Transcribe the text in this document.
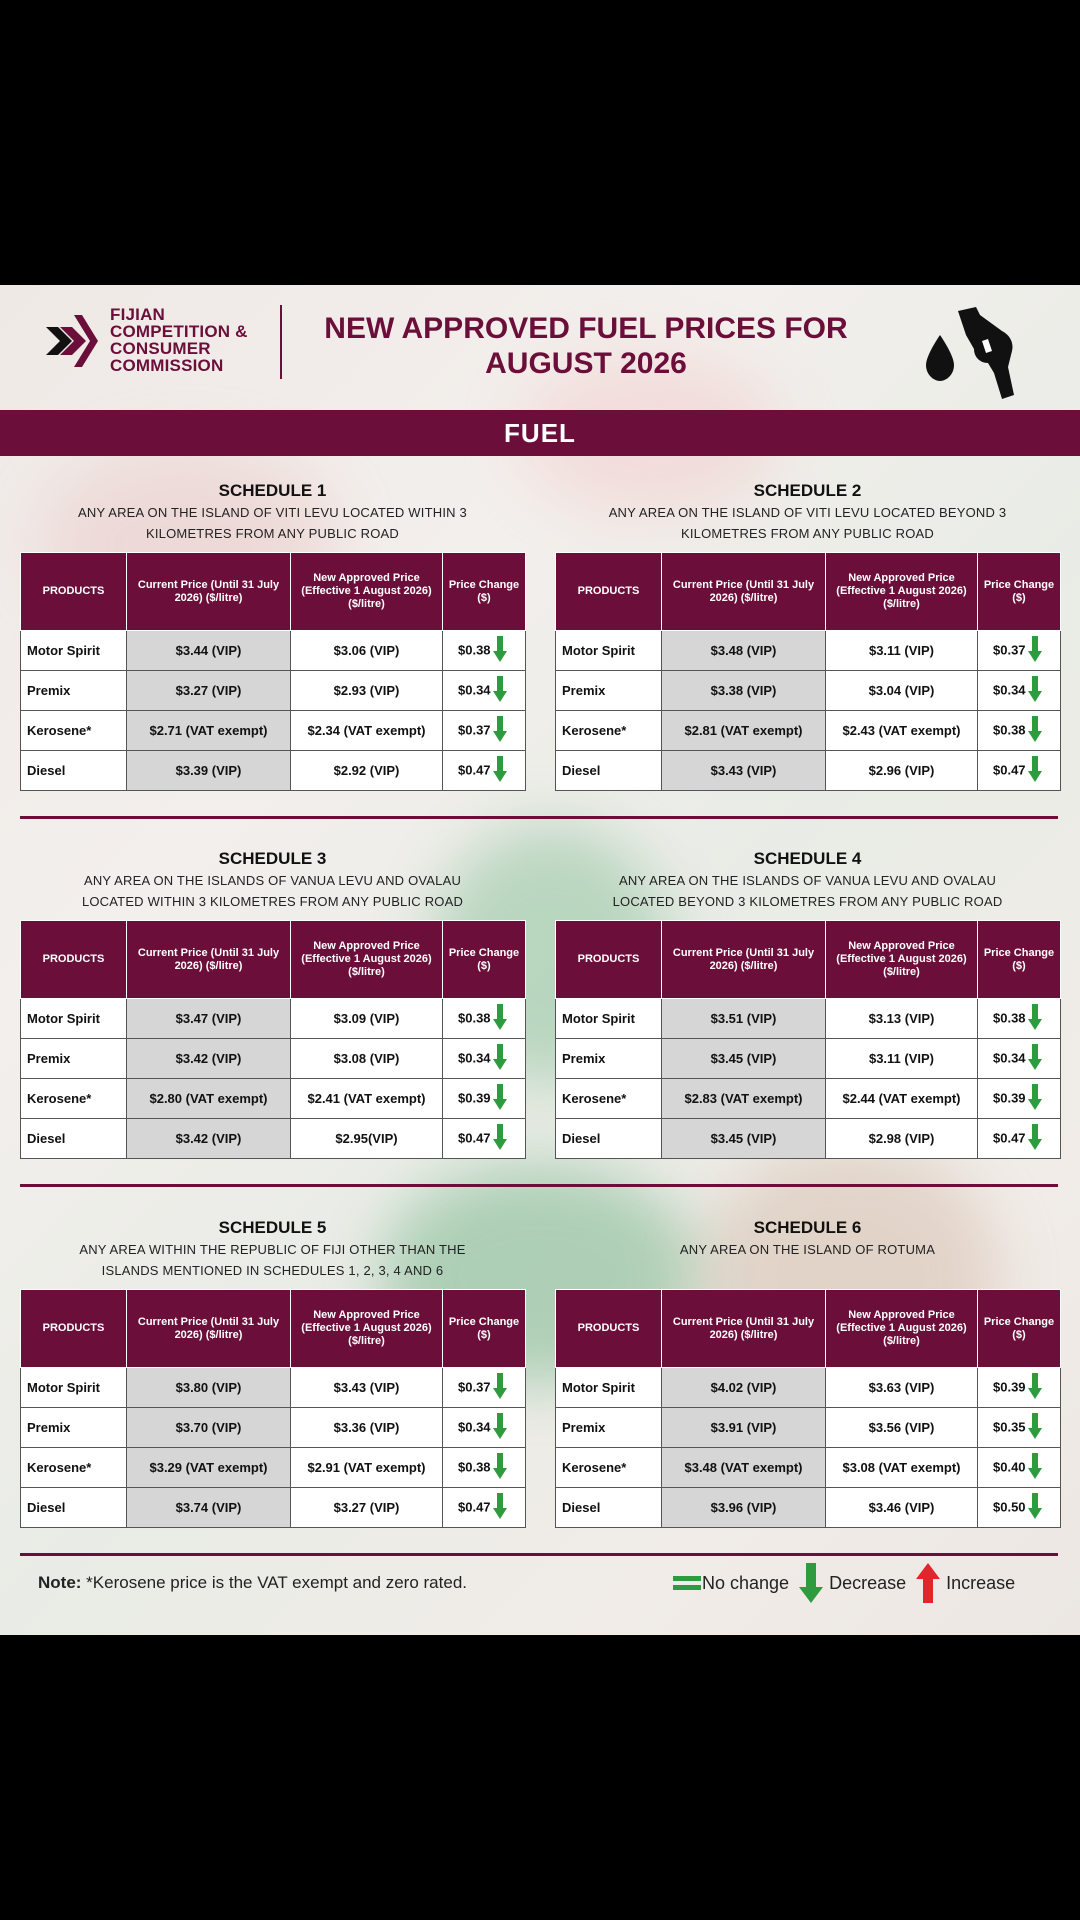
FIJIAN
COMPETITION &
CONSUMER
COMMISSION
NEW APPROVED FUEL PRICES FOR
AUGUST 2026
FUEL
SCHEDULE 1
ANY AREA ON THE ISLAND OF VITI LEVU LOCATED WITHIN 3
KILOMETRES FROM ANY PUBLIC ROAD
PRODUCTS	Current Price (Until 31 July 2026) ($/litre)	New Approved Price (Effective 1 August 2026) ($/litre)	Price Change ($)
Motor Spirit	$3.44 (VIP)	$3.06 (VIP)	$0.38
Premix	$3.27 (VIP)	$2.93 (VIP)	$0.34
Kerosene*	$2.71 (VAT exempt)	$2.34 (VAT exempt)	$0.37
Diesel	$3.39 (VIP)	$2.92 (VIP)	$0.47
SCHEDULE 2
ANY AREA ON THE ISLAND OF VITI LEVU LOCATED BEYOND 3
KILOMETRES FROM ANY PUBLIC ROAD
PRODUCTS	Current Price (Until 31 July 2026) ($/litre)	New Approved Price (Effective 1 August 2026) ($/litre)	Price Change ($)
Motor Spirit	$3.48 (VIP)	$3.11 (VIP)	$0.37
Premix	$3.38 (VIP)	$3.04 (VIP)	$0.34
Kerosene*	$2.81 (VAT exempt)	$2.43 (VAT exempt)	$0.38
Diesel	$3.43 (VIP)	$2.96 (VIP)	$0.47
SCHEDULE 3
ANY AREA ON THE ISLANDS OF VANUA LEVU AND OVALAU
LOCATED WITHIN 3 KILOMETRES FROM ANY PUBLIC ROAD
PRODUCTS	Current Price (Until 31 July 2026) ($/litre)	New Approved Price (Effective 1 August 2026) ($/litre)	Price Change ($)
Motor Spirit	$3.47 (VIP)	$3.09 (VIP)	$0.38
Premix	$3.42 (VIP)	$3.08 (VIP)	$0.34
Kerosene*	$2.80 (VAT exempt)	$2.41 (VAT exempt)	$0.39
Diesel	$3.42 (VIP)	$2.95(VIP)	$0.47
SCHEDULE 4
ANY AREA ON THE ISLANDS OF VANUA LEVU AND OVALAU
LOCATED BEYOND 3 KILOMETRES FROM ANY PUBLIC ROAD
PRODUCTS	Current Price (Until 31 July 2026) ($/litre)	New Approved Price (Effective 1 August 2026) ($/litre)	Price Change ($)
Motor Spirit	$3.51 (VIP)	$3.13 (VIP)	$0.38
Premix	$3.45 (VIP)	$3.11 (VIP)	$0.34
Kerosene*	$2.83 (VAT exempt)	$2.44 (VAT exempt)	$0.39
Diesel	$3.45 (VIP)	$2.98 (VIP)	$0.47
SCHEDULE 5
ANY AREA WITHIN THE REPUBLIC OF FIJI OTHER THAN THE
ISLANDS MENTIONED IN SCHEDULES 1, 2, 3, 4 AND 6
PRODUCTS	Current Price (Until 31 July 2026) ($/litre)	New Approved Price (Effective 1 August 2026) ($/litre)	Price Change ($)
Motor Spirit	$3.80 (VIP)	$3.43 (VIP)	$0.37
Premix	$3.70 (VIP)	$3.36 (VIP)	$0.34
Kerosene*	$3.29 (VAT exempt)	$2.91 (VAT exempt)	$0.38
Diesel	$3.74 (VIP)	$3.27 (VIP)	$0.47
SCHEDULE 6
ANY AREA ON THE ISLAND OF ROTUMA
PRODUCTS	Current Price (Until 31 July 2026) ($/litre)	New Approved Price (Effective 1 August 2026) ($/litre)	Price Change ($)
Motor Spirit	$4.02 (VIP)	$3.63 (VIP)	$0.39
Premix	$3.91 (VIP)	$3.56 (VIP)	$0.35
Kerosene*	$3.48 (VAT exempt)	$3.08 (VAT exempt)	$0.40
Diesel	$3.96 (VIP)	$3.46 (VIP)	$0.50
Note: *Kerosene price is the VAT exempt and zero rated.	No change Decrease Increase
